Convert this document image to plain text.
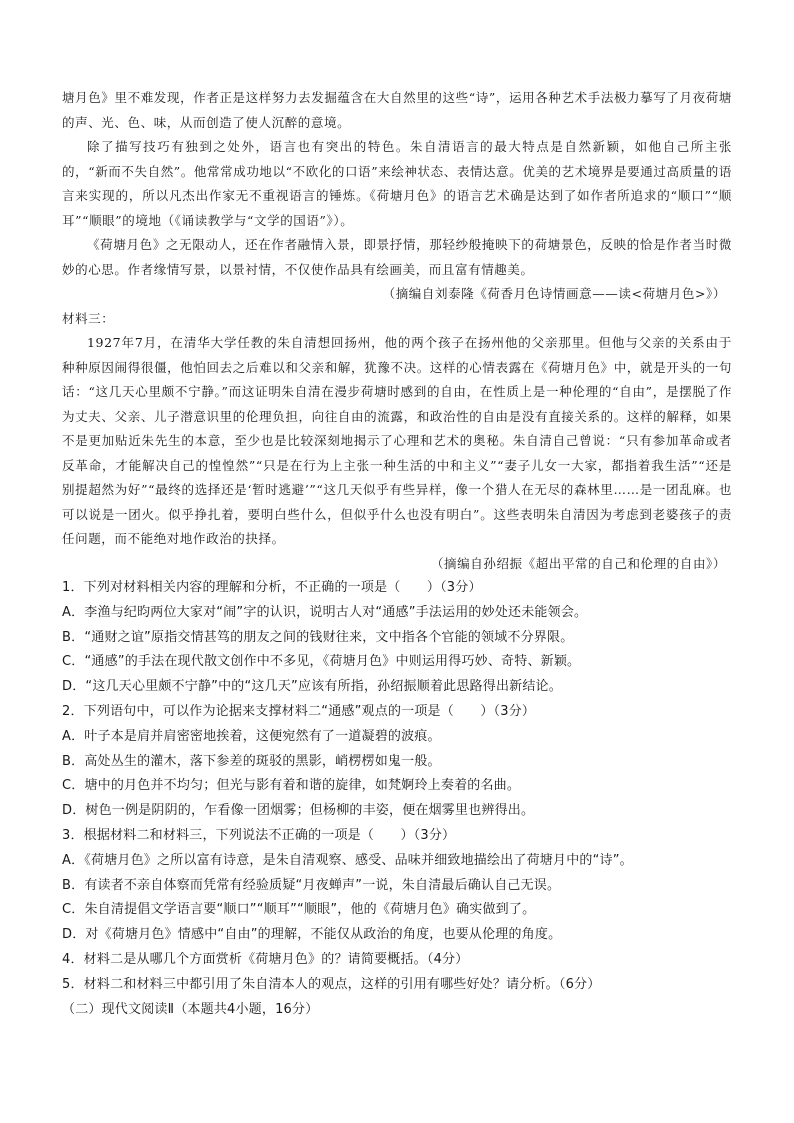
塘月色》里不难发现，作者正是这样努力去发掘蕴含在大自然里的这些“诗”，运用各种艺术手法极力摹写了月夜荷塘的声、光、色、味，从而创造了使人沉醉的意境。

除了描写技巧有独到之处外，语言也有突出的特色。朱自清语言的最大特点是自然新颖，如他自己所主张的，“新而不失自然”。他常常成功地以“不欧化的口语”来绘神状态、表情达意。优美的艺术境界是要通过高质量的语言来实现的，所以凡杰出作家无不重视语言的锤炼。《荷塘月色》的语言艺术确是达到了如作者所追求的“顺口”“顺耳”“顺眼”的境地（《诵读教学与“文学的国语”》）。

《荷塘月色》之无限动人，还在作者融情入景，即景抒情，那轻纱般掩映下的荷塘景色，反映的恰是作者当时微妙的心思。作者缘情写景，以景衬情，不仅使作品具有绘画美，而且富有情趣美。

（摘编自刘泰隆《荷香月色诗情画意——读<荷塘月色>》）

材料三：

1927年7月，在清华大学任教的朱自清想回扬州，他的两个孩子在扬州他的父亲那里。但他与父亲的关系由于种种原因闹得很僵，他怕回去之后难以和父亲和解，犹豫不决。这样的心情表露在《荷塘月色》中，就是开头的一句话：“这几天心里颇不宁静。”而这证明朱自清在漫步荷塘时感到的自由，在性质上是一种伦理的“自由”，是摆脱了作为丈夫、父亲、儿子潜意识里的伦理负担，向往自由的流露，和政治性的自由是没有直接关系的。这样的解释，如果不是更加贴近朱先生的本意，至少也是比较深刻地揭示了心理和艺术的奥秘。朱自清自己曾说：“只有参加革命或者反革命，才能解决自己的惶惶然”“只是在行为上主张一种生活的中和主义”“妻子儿女一大家，都指着我生活”“还是别提超然为好”“最终的选择还是‘暂时逃避’”“这几天似乎有些异样，像一个猎人在无尽的森林里……是一团乱麻。也可以说是一团火。似乎挣扎着，要明白些什么，但似乎什么也没有明白”。这些表明朱自清因为考虑到老婆孩子的责任问题，而不能绝对地作政治的抉择。

（摘编自孙绍振《超出平常的自己和伦理的自由》）

1．下列对材料相关内容的理解和分析，不正确的一项是（　　）（3分）

A．李渔与纪昀两位大家对“闹”字的认识，说明古人对“通感”手法运用的妙处还未能领会。

B．“通财之谊”原指交情甚笃的朋友之间的钱财往来，文中指各个官能的领域不分界限。

C．“通感”的手法在现代散文创作中不多见，《荷塘月色》中则运用得巧妙、奇特、新颖。

D．“这几天心里颇不宁静”中的“这几天”应该有所指，孙绍振顺着此思路得出新结论。

2．下列语句中，可以作为论据来支撑材料二“通感”观点的一项是（　　）（3分）

A．叶子本是肩并肩密密地挨着，这便宛然有了一道凝碧的波痕。

B．高处丛生的灌木，落下参差的斑驳的黑影，峭楞楞如鬼一般。

C．塘中的月色并不均匀；但光与影有着和谐的旋律，如梵婀玲上奏着的名曲。

D．树色一例是阴阴的，乍看像一团烟雾；但杨柳的丰姿，便在烟雾里也辨得出。

3．根据材料二和材料三，下列说法不正确的一项是（　　）（3分）

A．《荷塘月色》之所以富有诗意，是朱自清观察、感受、品味并细致地描绘出了荷塘月中的“诗”。

B．有读者不亲自体察而凭常有经验质疑“月夜蝉声”一说，朱自清最后确认自己无误。

C．朱自清提倡文学语言要“顺口”“顺耳”“顺眼”，他的《荷塘月色》确实做到了。

D．对《荷塘月色》情感中“自由”的理解，不能仅从政治的角度，也要从伦理的角度。

4．材料二是从哪几个方面赏析《荷塘月色》的？请简要概括。（4分）

5．材料二和材料三中都引用了朱自清本人的观点，这样的引用有哪些好处？请分析。（6分）

（二）现代文阅读Ⅱ（本题共4小题，16分）
